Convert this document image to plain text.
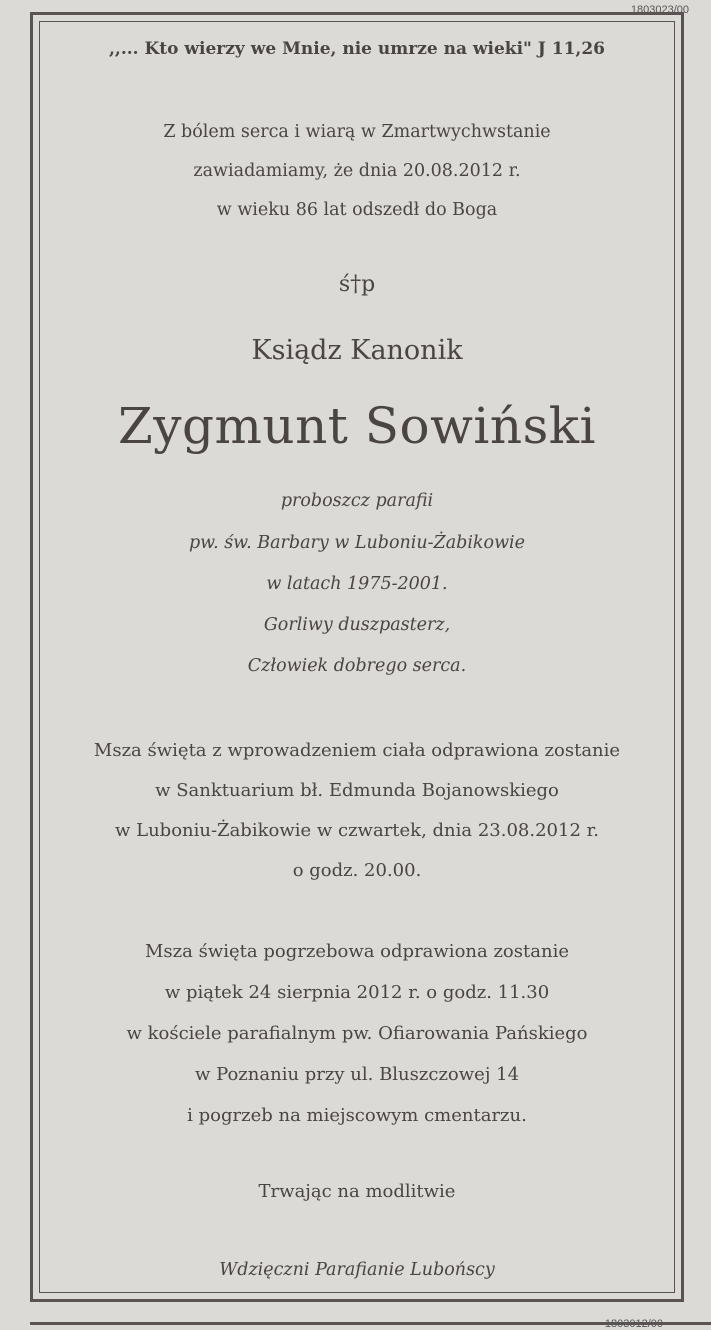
1803023/00
,,... Kto wierzy we Mnie, nie umrze na wieki" J 11,26
Z bólem serca i wiarą w Zmartwychwstanie
zawiadamiamy, że dnia 20.08.2012 r.
w wieku 86 lat odszedł do Boga
ś†p
Ksiądz Kanonik
Zygmunt Sowiński
proboszcz parafii
pw. św. Barbary w Luboniu-Żabikowie
w latach 1975-2001.
Gorliwy duszpasterz,
Człowiek dobrego serca.
Msza święta z wprowadzeniem ciała odprawiona zostanie
w Sanktuarium bł. Edmunda Bojanowskiego
w Luboniu-Żabikowie w czwartek, dnia 23.08.2012 r.
o godz. 20.00.
Msza święta pogrzebowa odprawiona zostanie
w piątek 24 sierpnia 2012 r. o godz. 11.30
w kościele parafialnym pw. Ofiarowania Pańskiego
w Poznaniu przy ul. Bluszczowej 14
i pogrzeb na miejscowym cmentarzu.
Trwając na modlitwie
Wdzięczni Parafianie Lubońscy
1803012/00
